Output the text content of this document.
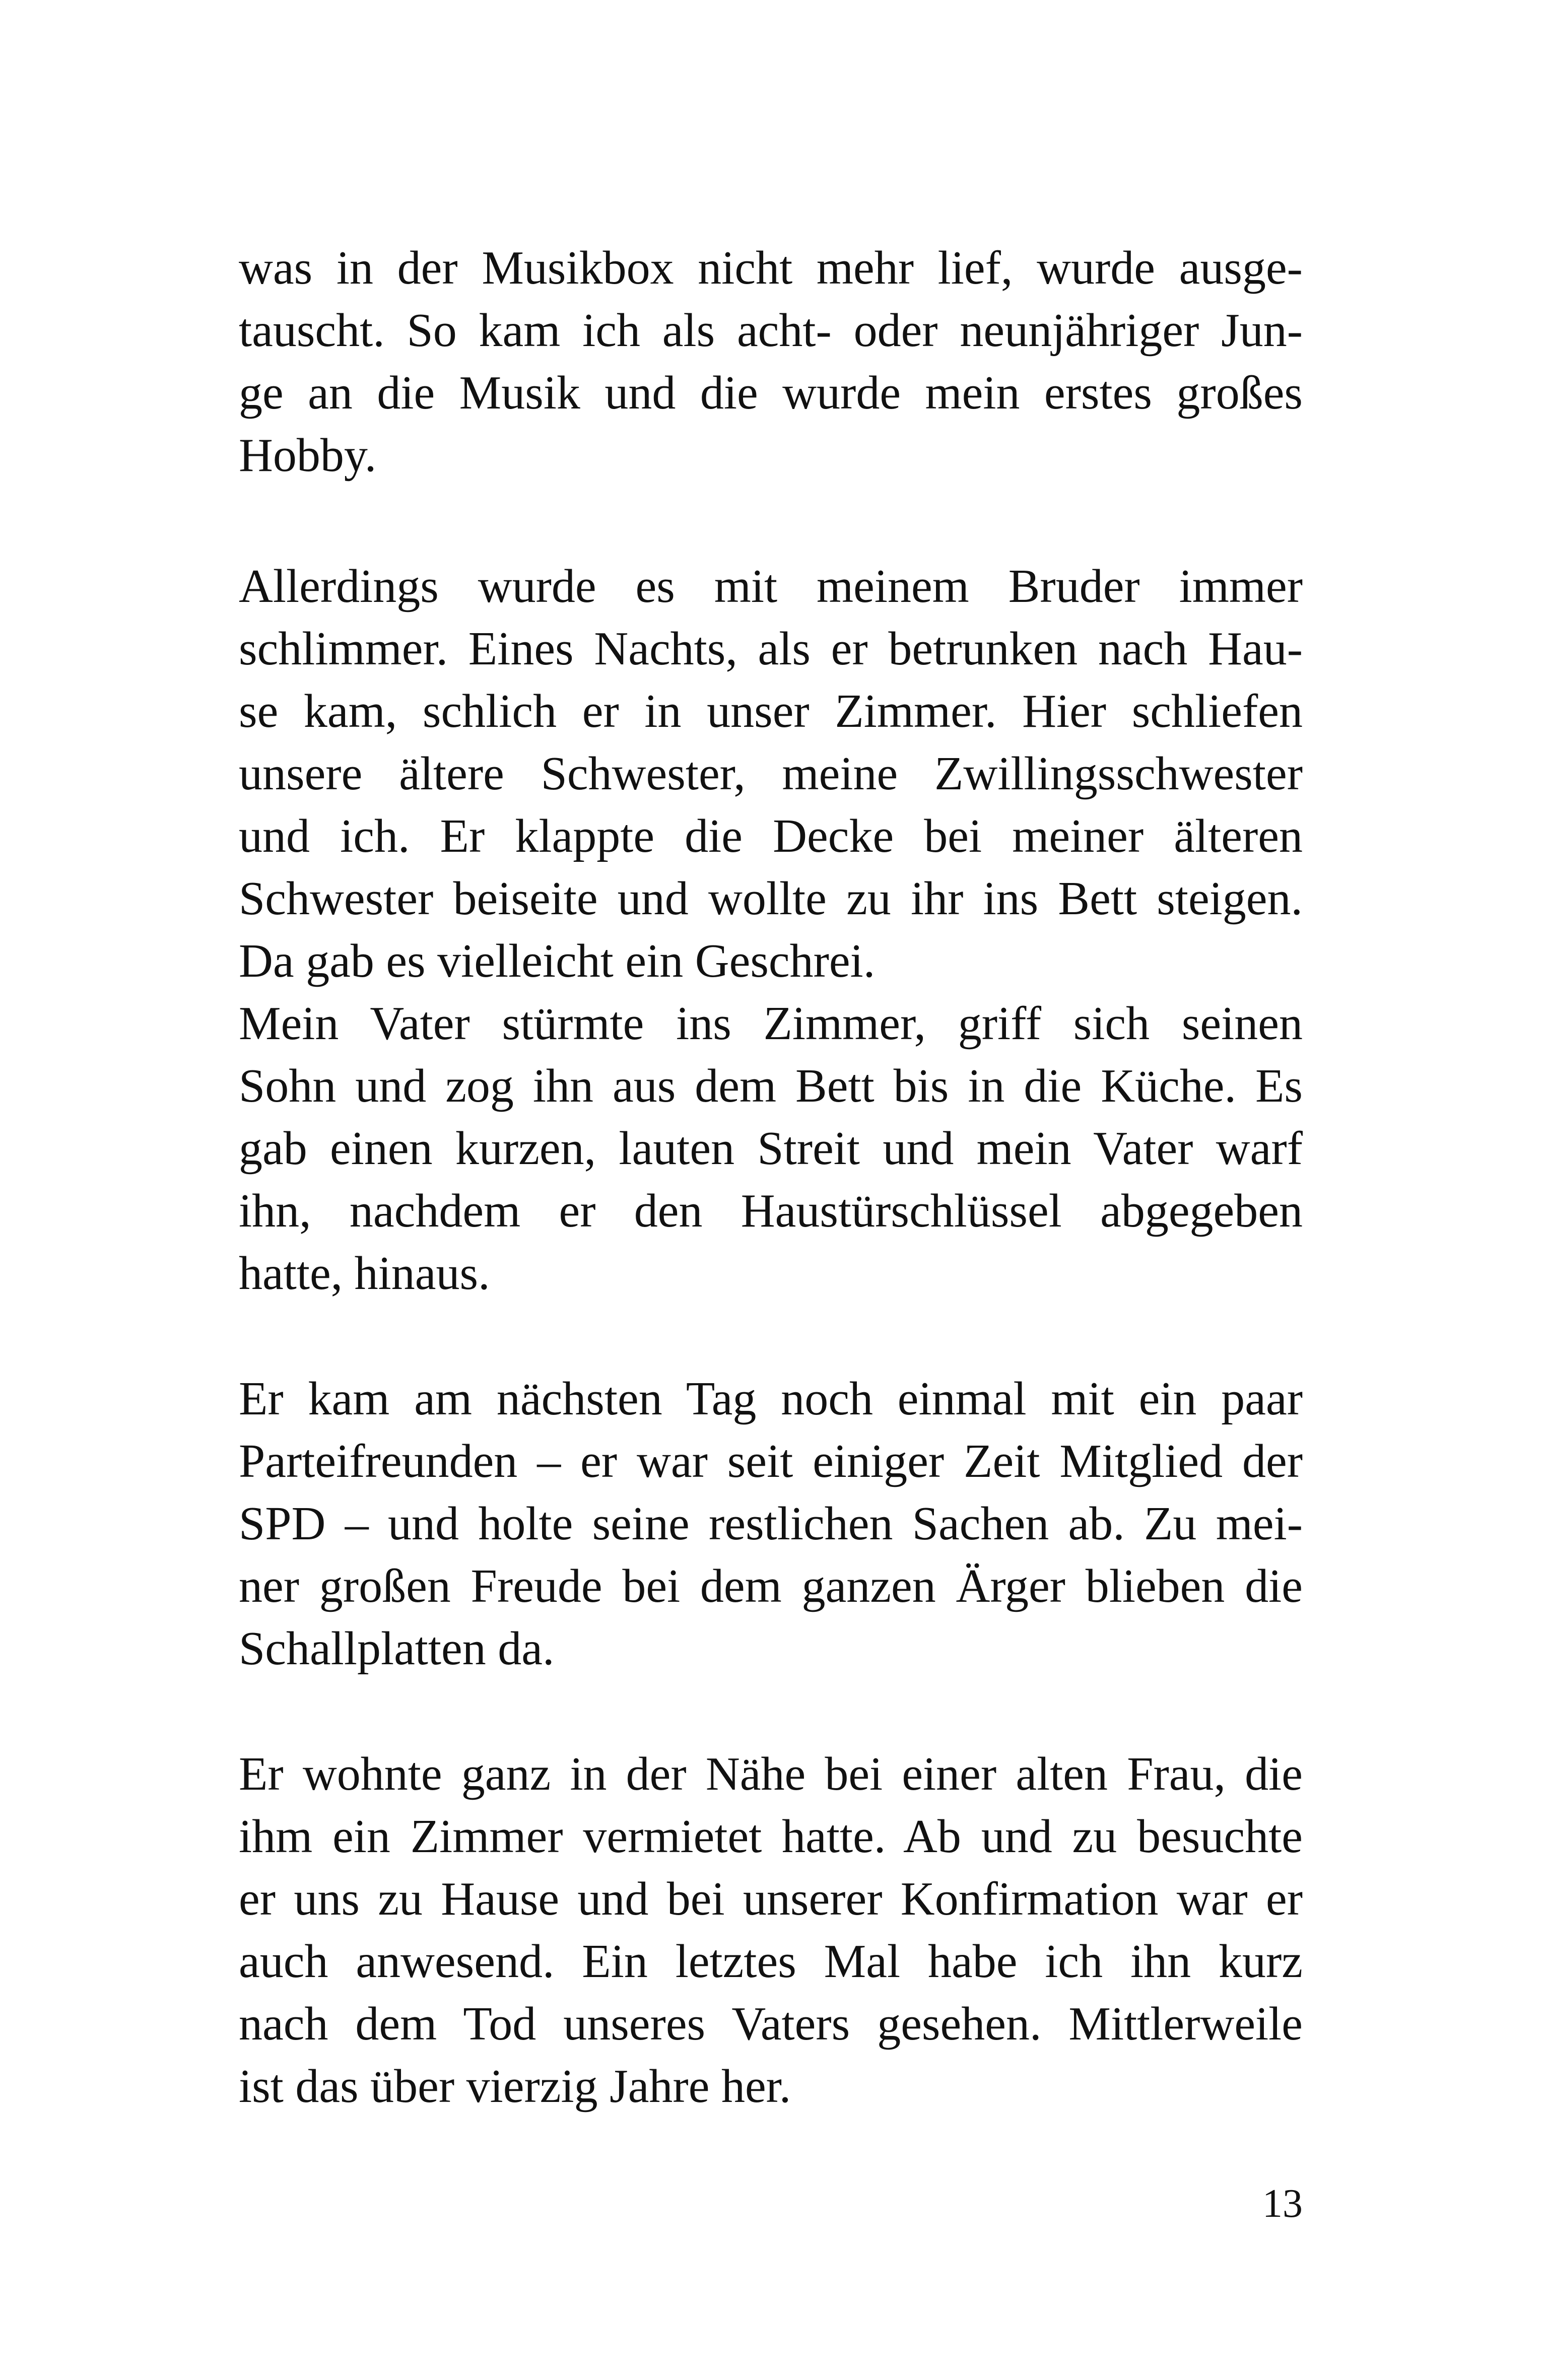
was in der Musikbox nicht mehr lief, wurde ausge-
tauscht. So kam ich als acht- oder neunjähriger Jun-
ge an die Musik und die wurde mein erstes großes
Hobby.
Allerdings wurde es mit meinem Bruder immer
schlimmer. Eines Nachts, als er betrunken nach Hau-
se kam, schlich er in unser Zimmer. Hier schliefen
unsere ältere Schwester, meine Zwillingsschwester
und ich. Er klappte die Decke bei meiner älteren
Schwester beiseite und wollte zu ihr ins Bett steigen.
Da gab es vielleicht ein Geschrei.
Mein Vater stürmte ins Zimmer, griff sich seinen
Sohn und zog ihn aus dem Bett bis in die Küche. Es
gab einen kurzen, lauten Streit und mein Vater warf
ihn, nachdem er den Haustürschlüssel abgegeben
hatte, hinaus.
Er kam am nächsten Tag noch einmal mit ein paar
Parteifreunden – er war seit einiger Zeit Mitglied der
SPD – und holte seine restlichen Sachen ab. Zu mei-
ner großen Freude bei dem ganzen Ärger blieben die
Schallplatten da.
Er wohnte ganz in der Nähe bei einer alten Frau, die
ihm ein Zimmer vermietet hatte. Ab und zu besuchte
er uns zu Hause und bei unserer Konfirmation war er
auch anwesend. Ein letztes Mal habe ich ihn kurz
nach dem Tod unseres Vaters gesehen. Mittlerweile
ist das über vierzig Jahre her.
13
